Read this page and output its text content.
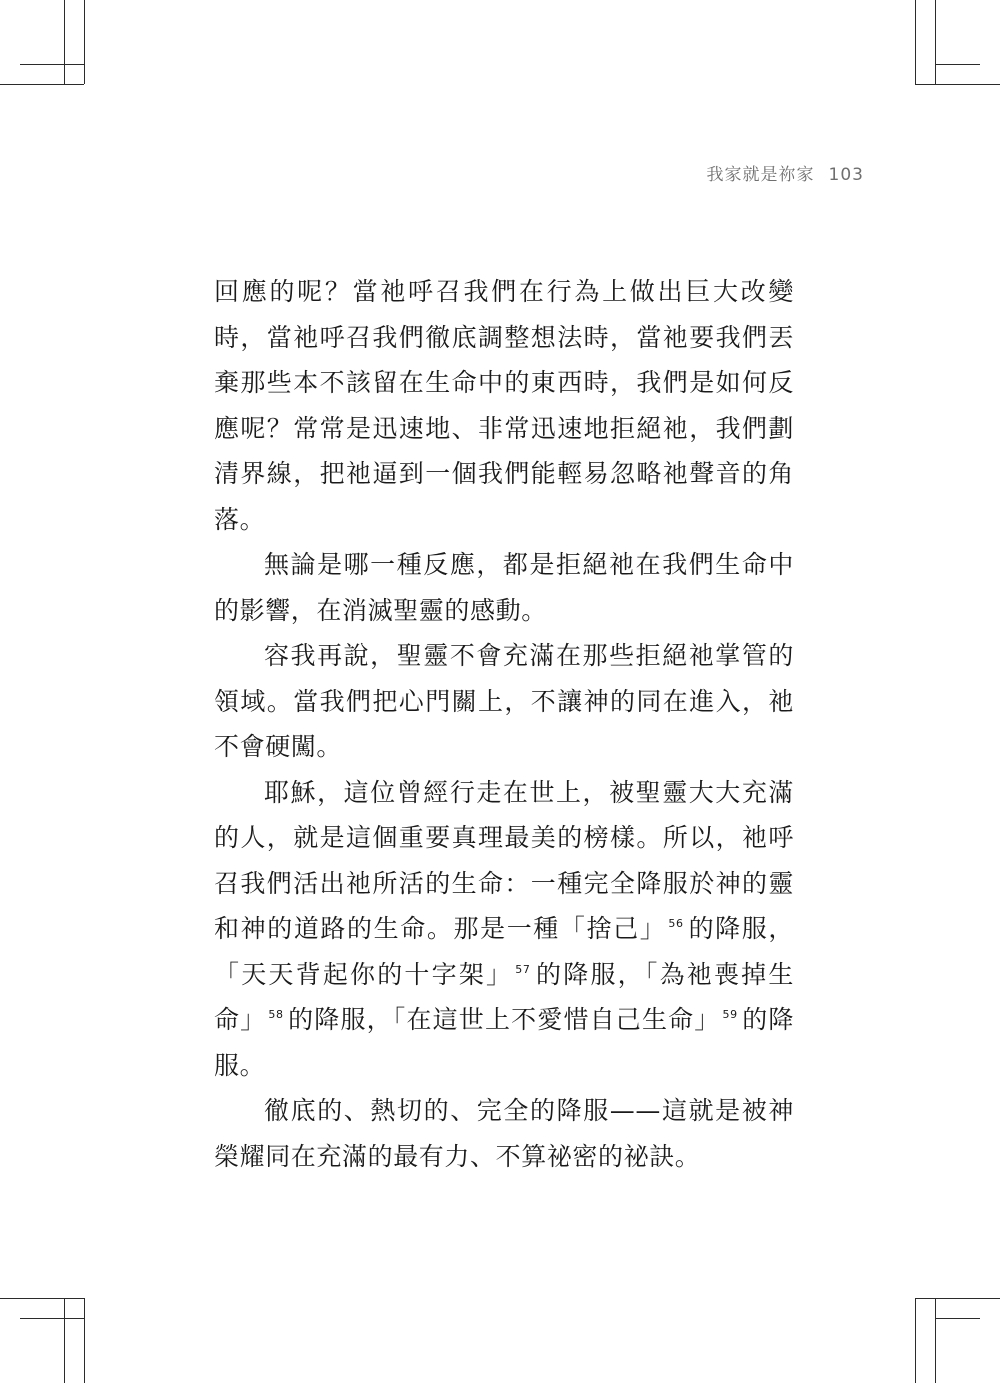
我家就是祢家 103

回應的呢？當祂呼召我們在行為上做出巨大改變時，當祂呼召我們徹底調整想法時，當祂要我們丟棄那些本不該留在生命中的東西時，我們是如何反應呢？常常是迅速地、非常迅速地拒絕祂，我們劃清界線，把祂逼到一個我們能輕易忽略祂聲音的角落。

無論是哪一種反應，都是拒絕祂在我們生命中的影響，在消滅聖靈的感動。

容我再說，聖靈不會充滿在那些拒絕祂掌管的領域。當我們把心門關上，不讓神的同在進入，祂不會硬闖。

耶穌，這位曾經行走在世上，被聖靈大大充滿的人，就是這個重要真理最美的榜樣。所以，祂呼召我們活出祂所活的生命：一種完全降服於神的靈和神的道路的生命。那是一種「捨己」 $^{56}$ 的降服，「天天背起你的十字架」 $^{57}$ 的降服，「為祂喪掉生命」 $^{58}$ 的降服，「在這世上不愛惜自己生命」 $^{59}$ 的降服。

徹底的、熱切的、完全的降服——這就是被神榮耀同在充滿的最有力、不算祕密的祕訣。
